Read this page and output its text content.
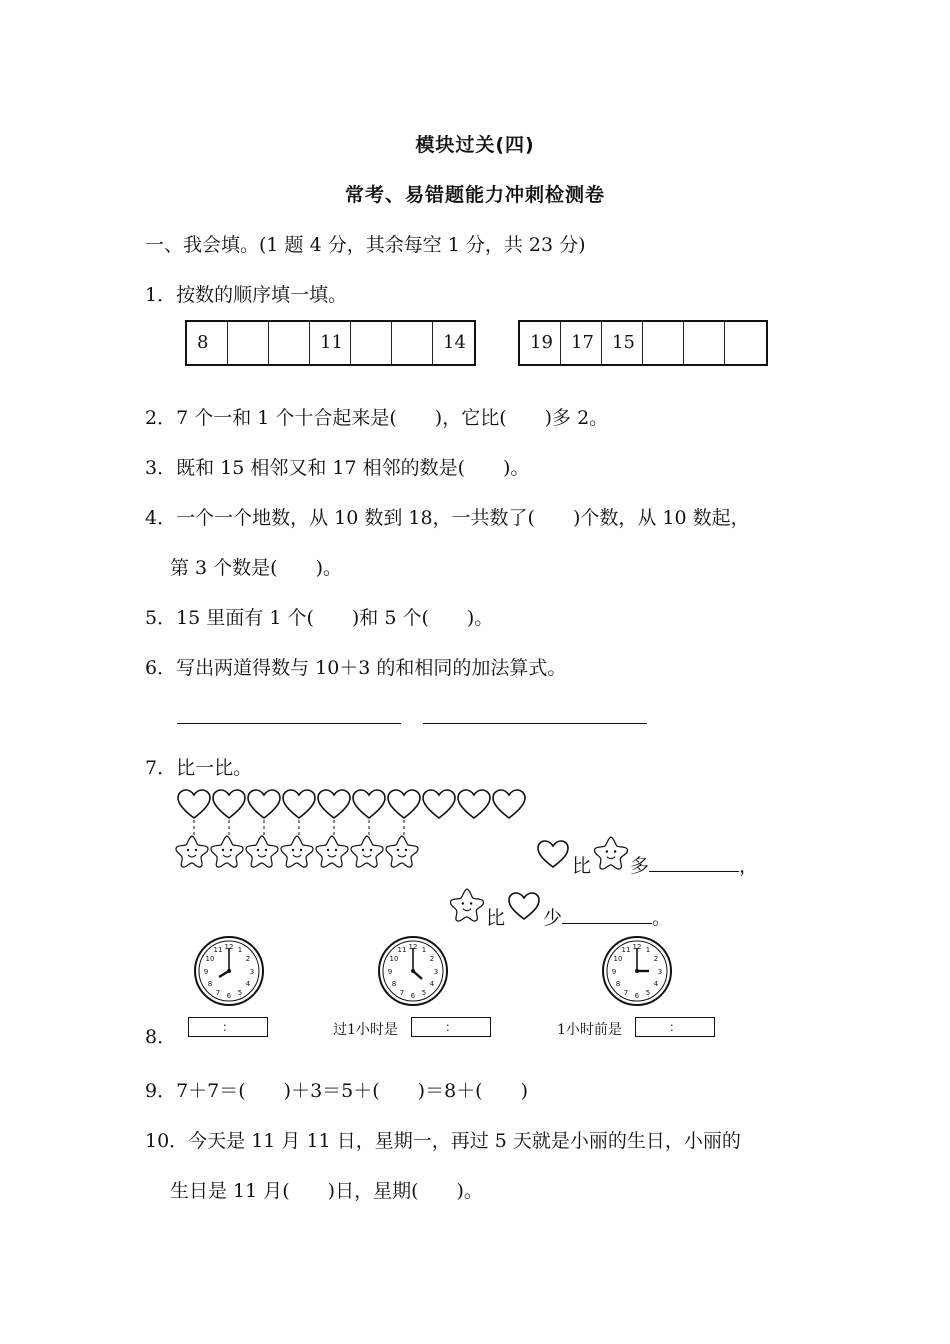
模块过关(四)
常考、易错题能力冲刺检测卷
一、我会填。(1 题 4 分，其余每空 1 分，共 23 分)
1．按数的顺序填一填。
8	11	14	19	17	15
2．7 个一和 1 个十合起来是(　　)，它比(　　)多 2。
3．既和 15 相邻又和 17 相邻的数是(　　)。
4．一个一个地数，从 10 数到 18，一共数了(　　)个数，从 10 数起，
第 3 个数是(　　)。
5．15 里面有 1 个(　　)和 5 个(　　)。
6．写出两道得数与 10＋3 的和相同的加法算式。
7．比一比。
比 多	，
比 少	。
12 1
2
3
4
5
6
7
8
9
10
11	12 1
2
3
4
5
6
7
8
9
10
11	12 1
2
3
4
5
6
7
8
9
10
11
8．	：	过1小时是	：	1小时前是	：
9．7＋7＝(　　)＋3＝5＋(　　)＝8＋(　　)
10．今天是 11 月 11 日，星期一，再过 5 天就是小丽的生日，小丽的
生日是 11 月(　　)日，星期(　　)。
